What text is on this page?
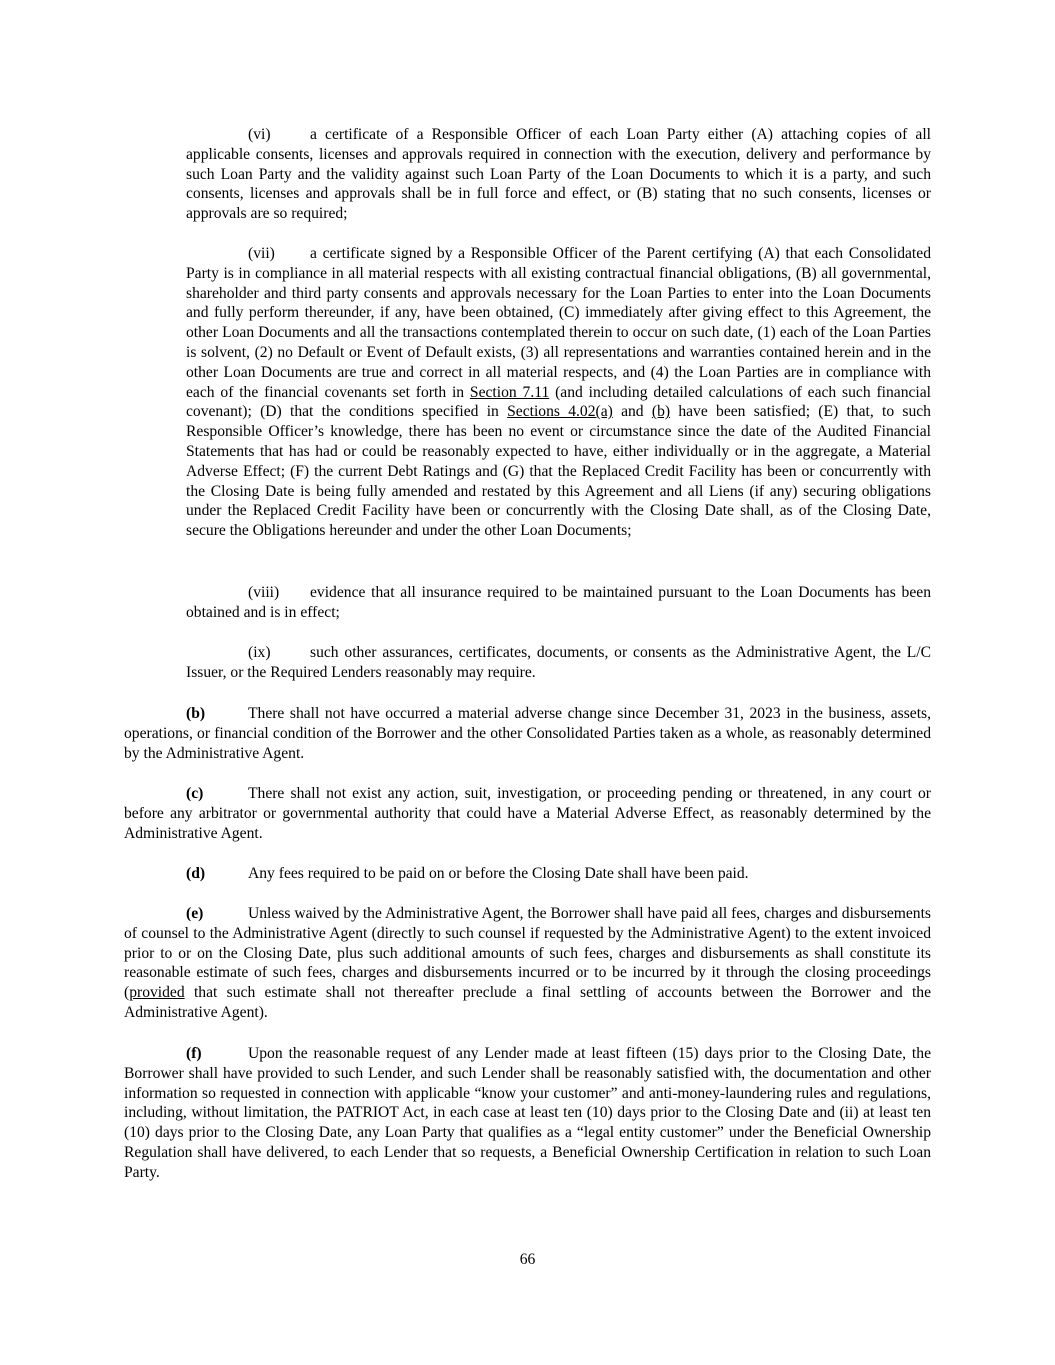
(vi)	a certificate of a Responsible Officer of each Loan Party either (A) attaching copies of all applicable consents, licenses and approvals required in connection with the execution, delivery and performance by such Loan Party and the validity against such Loan Party of the Loan Documents to which it is a party, and such consents, licenses and approvals shall be in full force and effect, or (B) stating that no such consents, licenses or approvals are so required;

(vii) a certificate signed by a Responsible Officer of the Parent certifying (A) that each Consolidated Party is in compliance in all material respects with all existing contractual financial obligations, (B) all governmental, shareholder and third party consents and approvals necessary for the Loan Parties to enter into the Loan Documents and fully perform thereunder, if any, have been obtained, (C) immediately after giving effect to this Agreement, the other Loan Documents and all the transactions contemplated therein to occur on such date, (1) each of the Loan Parties is solvent, (2) no Default or Event of Default exists, (3) all representations and warranties contained herein and in the other Loan Documents are true and correct in all material respects, and (4) the Loan Parties are in compliance with each of the financial covenants set forth in Section 7.11 (and including detailed calculations of each such financial covenant); (D) that the conditions specified in Sections 4.02(a) and (b) have been satisfied; (E) that, to such Responsible Officer’s knowledge, there has been no event or circumstance since the date of the Audited Financial Statements that has had or could be reasonably expected to have, either individually or in the aggregate, a Material Adverse Effect; (F) the current Debt Ratings and (G) that the Replaced Credit Facility has been or concurrently with the Closing Date is being fully amended and restated by this Agreement and all Liens (if any) securing obligations under the Replaced Credit Facility have been or concurrently with the Closing Date shall, as of the Closing Date, secure the Obligations hereunder and under the other Loan Documents;

(viii) evidence that all insurance required to be maintained pursuant to the Loan Documents has been obtained and is in effect;

(ix)	such other assurances, certificates, documents, or consents as the Administrative Agent, the L/C Issuer, or the Required Lenders reasonably may require.

(b)	There shall not have occurred a material adverse change since December 31, 2023 in the business, assets, operations, or financial condition of the Borrower and the other Consolidated Parties taken as a whole, as reasonably determined by the Administrative Agent.

(c)	There shall not exist any action, suit, investigation, or proceeding pending or threatened, in any court or before any arbitrator or governmental authority that could have a Material Adverse Effect, as reasonably determined by the Administrative Agent.

(d)	Any fees required to be paid on or before the Closing Date shall have been paid.

(e)	Unless waived by the Administrative Agent, the Borrower shall have paid all fees, charges and disbursements of counsel to the Administrative Agent (directly to such counsel if requested by the Administrative Agent) to the extent invoiced prior to or on the Closing Date, plus such additional amounts of such fees, charges and disbursements as shall constitute its reasonable estimate of such fees, charges and disbursements incurred or to be incurred by it through the closing proceedings (provided that such estimate shall not thereafter preclude a final settling of accounts between the Borrower and the Administrative Agent).

(f)	Upon the reasonable request of any Lender made at least fifteen (15) days prior to the Closing Date, the Borrower shall have provided to such Lender, and such Lender shall be reasonably satisfied with, the documentation and other information so requested in connection with applicable “know your customer” and anti-money-laundering rules and regulations, including, without limitation, the PATRIOT Act, in each case at least ten (10) days prior to the Closing Date and (ii) at least ten (10) days prior to the Closing Date, any Loan Party that qualifies as a “legal entity customer” under the Beneficial Ownership Regulation shall have delivered, to each Lender that so requests, a Beneficial Ownership Certification in relation to such Loan Party.

66
